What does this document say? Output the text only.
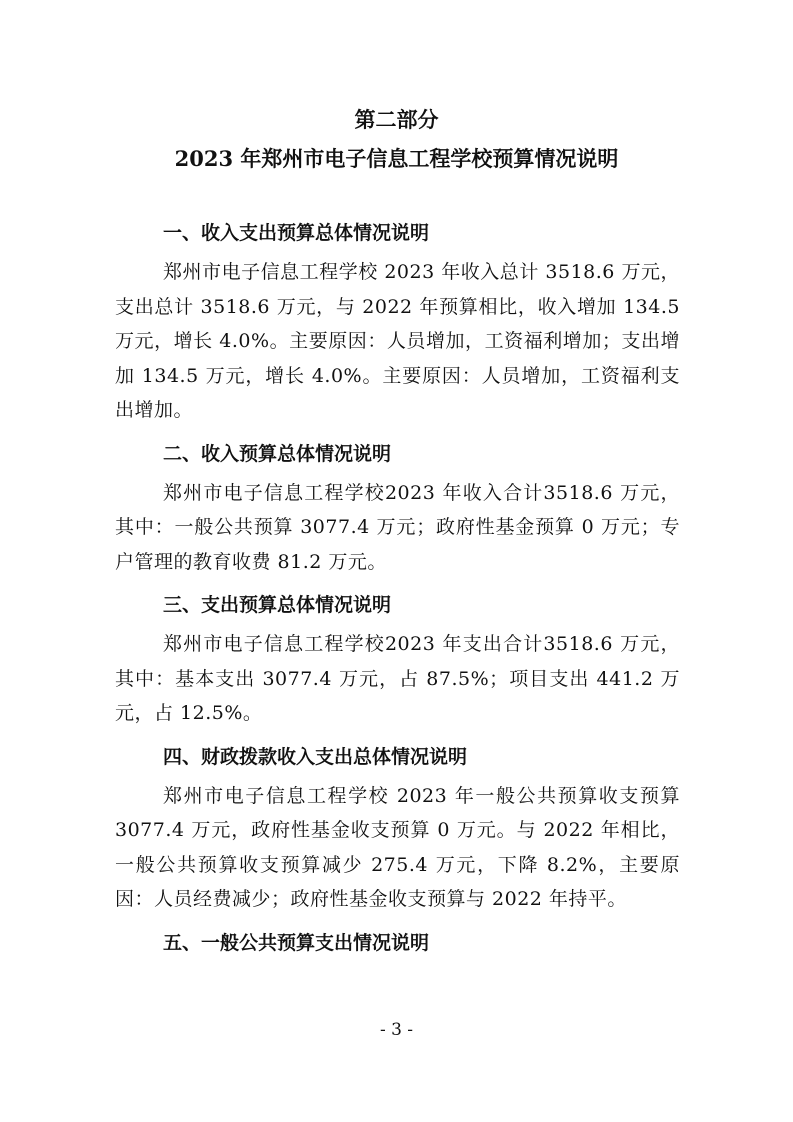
第二部分
2023 年郑州市电子信息工程学校预算情况说明
一、收入支出预算总体情况说明

郑州市电子信息工程学校 2023 年收入总计 3518.6 万元，支出总计 3518.6 万元，与 2022 年预算相比，收入增加 134.5 万元，增长 4.0%。主要原因：人员增加，工资福利增加；支出增加 134.5 万元，增长 4.0%。主要原因：人员增加，工资福利支出增加。

二、收入预算总体情况说明

郑州市电子信息工程学校2023 年收入合计3518.6 万元，其中：一般公共预算 3077.4 万元；政府性基金预算 0 万元；专户管理的教育收费 81.2 万元。

三、支出预算总体情况说明

郑州市电子信息工程学校2023 年支出合计3518.6 万元，其中：基本支出 3077.4 万元，占 87.5%；项目支出 441.2 万元，占 12.5%。

四、财政拨款收入支出总体情况说明

郑州市电子信息工程学校 2023 年一般公共预算收支预算 3077.4 万元，政府性基金收支预算 0 万元。与 2022 年相比，一般公共预算收支预算减少 275.4 万元，下降 8.2%，主要原因：人员经费减少；政府性基金收支预算与 2022 年持平。

五、一般公共预算支出情况说明
- 3 -
